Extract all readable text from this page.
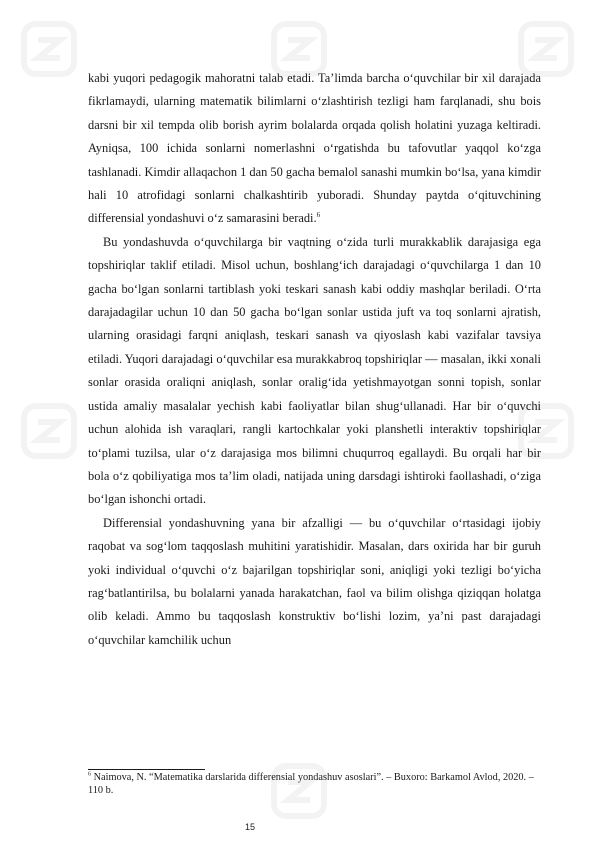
kabi yuqori pedagogik mahoratni talab etadi. Ta’limda barcha o‘quvchilar bir xil darajada fikrlamaydi, ularning matematik bilimlarni o‘zlashtirish tezligi ham farqlanadi, shu bois darsni bir xil tempda olib borish ayrim bolalarda orqada qolish holatini yuzaga keltiradi. Ayniqsa, 100 ichida sonlarni nomerlashni o‘rgatishda bu tafovutlar yaqqol ko‘zga tashlanadi. Kimdir allaqachon 1 dan 50 gacha bemalol sanashi mumkin bo‘lsa, yana kimdir hali 10 atrofidagi sonlarni chalkashtirib yuboradi. Shunday paytda o‘qituvchining differensial yondashuvi o‘z samarasini beradi.$^6$

Bu yondashuvda o‘quvchilarga bir vaqtning o‘zida turli murakkablik darajasiga ega topshiriqlar taklif etiladi. Misol uchun, boshlang‘ich darajadagi o‘quvchilarga 1 dan 10 gacha bo‘lgan sonlarni tartiblash yoki teskari sanash kabi oddiy mashqlar beriladi. O‘rta darajadagilar uchun 10 dan 50 gacha bo‘lgan sonlar ustida juft va toq sonlarni ajratish, ularning orasidagi farqni aniqlash, teskari sanash va qiyoslash kabi vazifalar tavsiya etiladi. Yuqori darajadagi o‘quvchilar esa murakkabroq topshiriqlar — masalan, ikki xonali sonlar orasida oraliqni aniqlash, sonlar oralig‘ida yetishmayotgan sonni topish, sonlar ustida amaliy masalalar yechish kabi faoliyatlar bilan shug‘ullanadi. Har bir o‘quvchi uchun alohida ish varaqlari, rangli kartochkalar yoki planshetli interaktiv topshiriqlar to‘plami tuzilsa, ular o‘z darajasiga mos bilimni chuqurroq egallaydi. Bu orqali har bir bola o‘z qobiliyatiga mos ta’lim oladi, natijada uning darsdagi ishtiroki faollashadi, o‘ziga bo‘lgan ishonchi ortadi.

Differensial yondashuvning yana bir afzalligi — bu o‘quvchilar o‘rtasidagi ijobiy raqobat va sog‘lom taqqoslash muhitini yaratishidir. Masalan, dars oxirida har bir guruh yoki individual o‘quvchi o‘z bajarilgan topshiriqlar soni, aniqligi yoki tezligi bo‘yicha rag‘batlantirilsa, bu bolalarni yanada harakatchan, faol va bilim olishga qiziqqan holatga olib keladi. Ammo bu taqqoslash konstruktiv bo‘lishi lozim, ya’ni past darajadagi o‘quvchilar kamchilik uchun

$^6$ Naimova, N. “Matematika darslarida differensial yondashuv asoslari”. – Buxoro: Barkamol Avlod, 2020. – 110 b.
15
